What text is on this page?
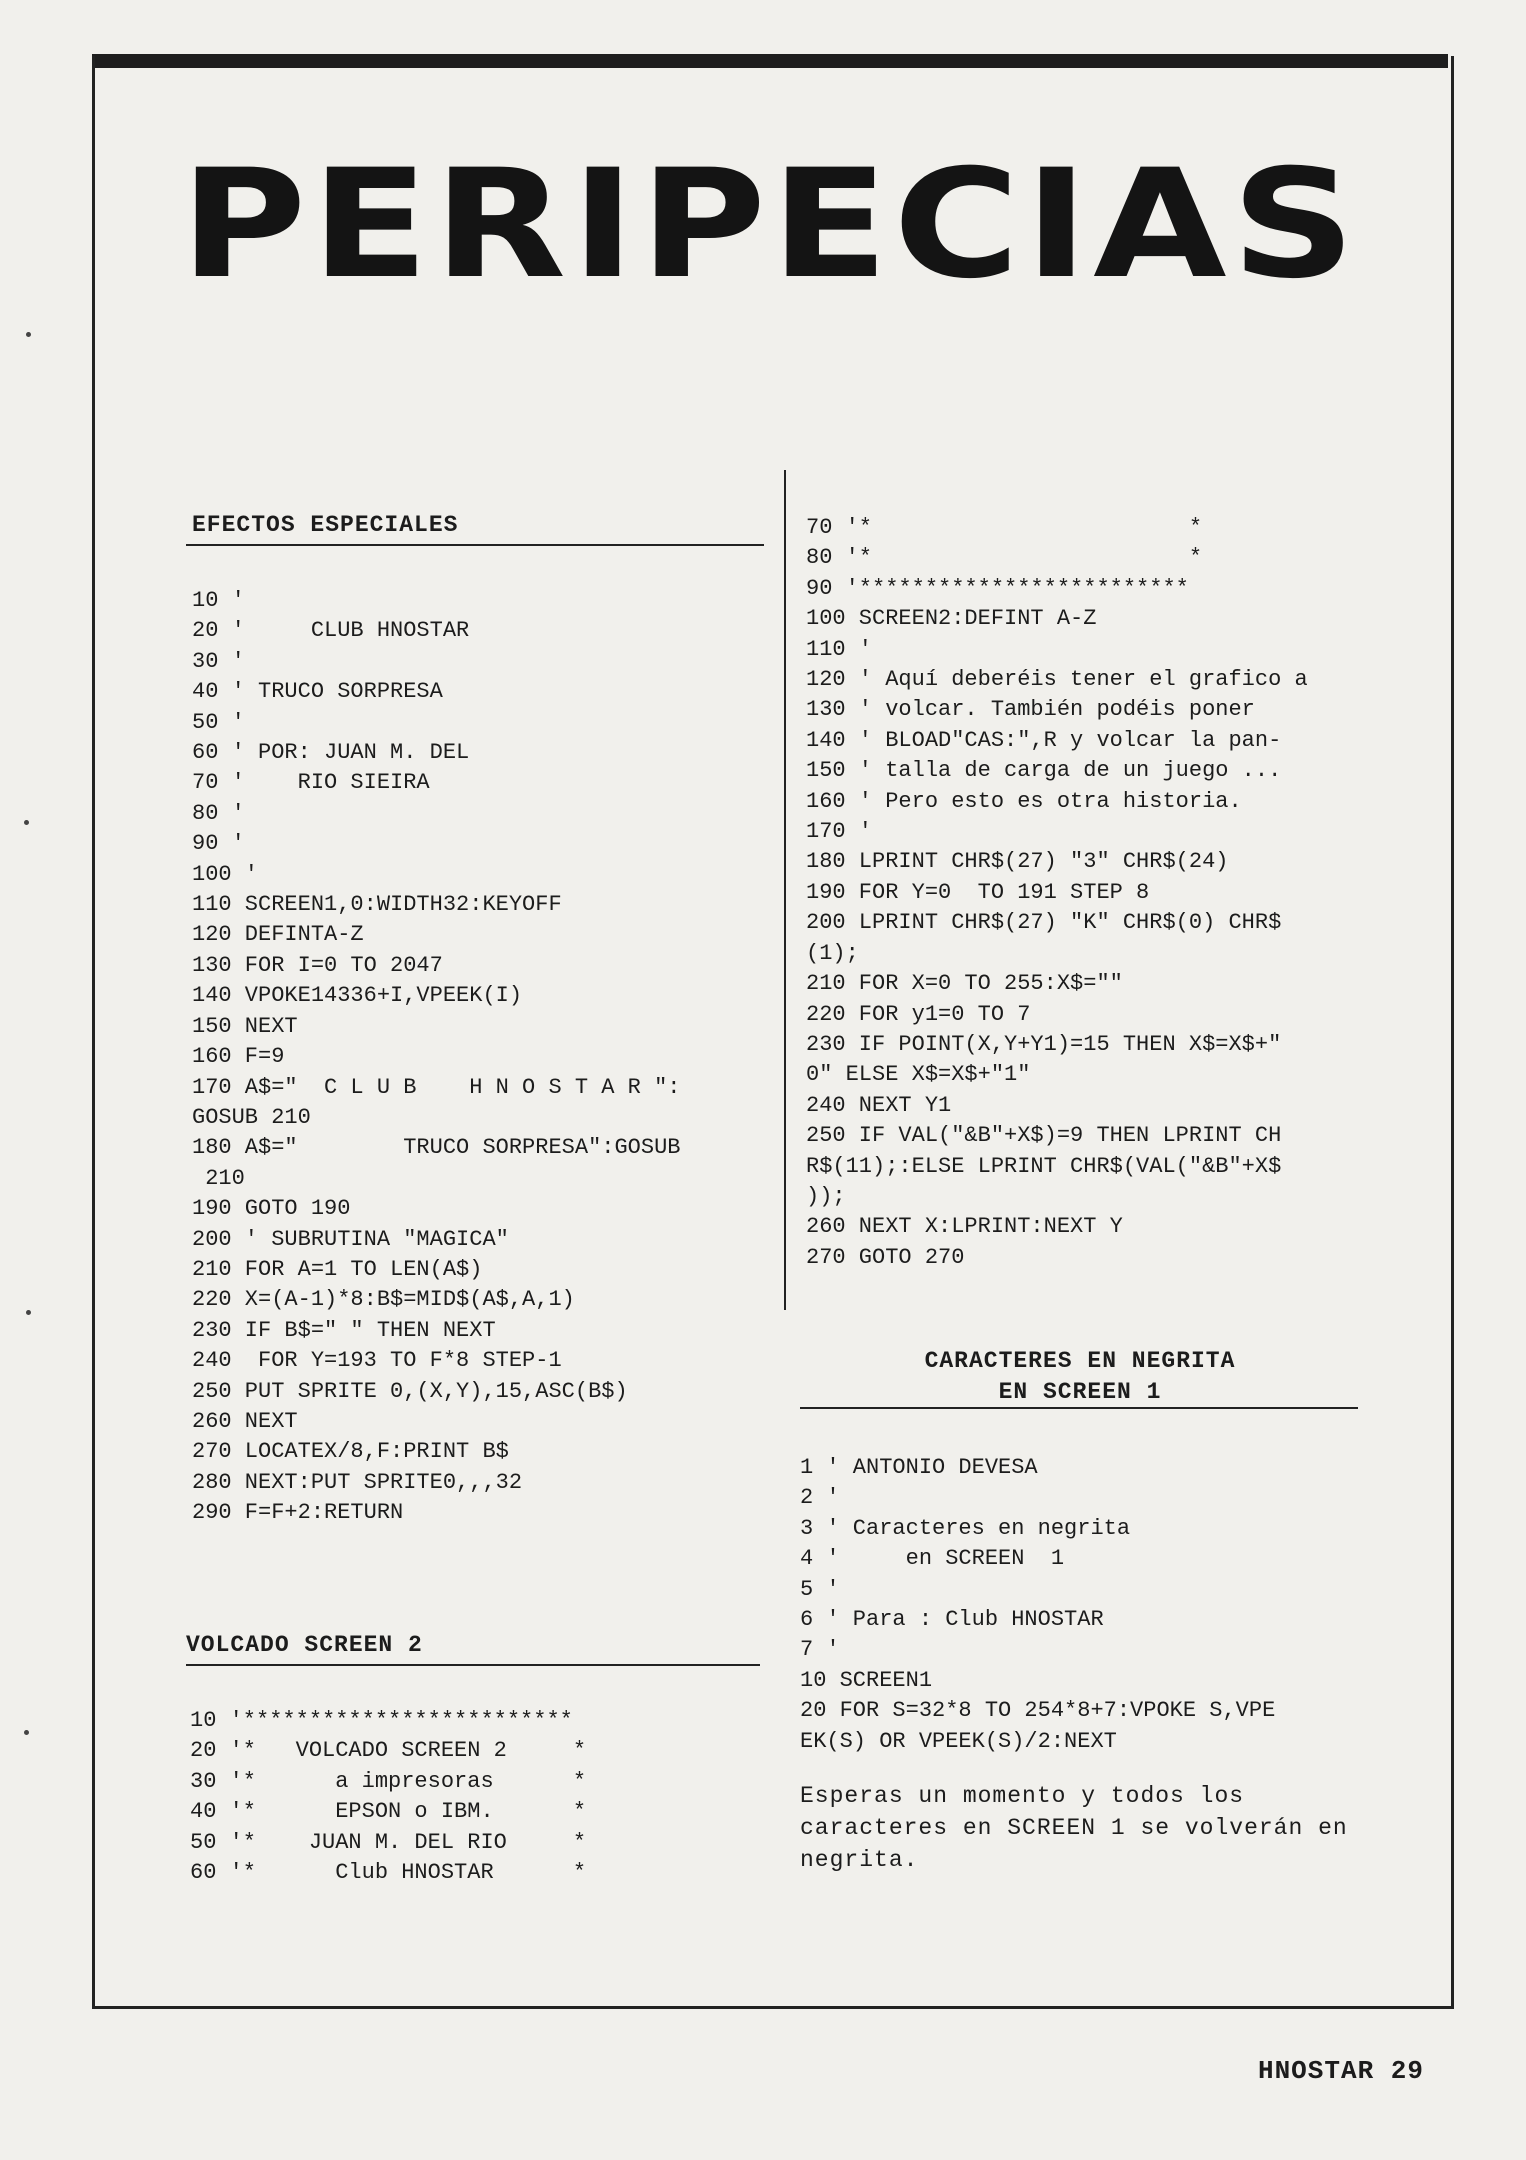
PERIPECIAS
EFECTOS ESPECIALES
10 '
20 '     CLUB HNOSTAR
30 '
40 ' TRUCO SORPRESA
50 '
60 ' POR: JUAN M. DEL
70 '    RIO SIEIRA
80 '
90 '
100 '
110 SCREEN1,0:WIDTH32:KEYOFF
120 DEFINTA-Z
130 FOR I=0 TO 2047
140 VPOKE14336+I,VPEEK(I)
150 NEXT
160 F=9
170 A$="  C L U B    H N O S T A R ":
GOSUB 210
180 A$="        TRUCO SORPRESA":GOSUB
210
190 GOTO 190
200 ' SUBRUTINA "MAGICA"
210 FOR A=1 TO LEN(A$)
220 X=(A-1)*8:B$=MID$(A$,A,1)
230 IF B$=" " THEN NEXT
240  FOR Y=193 TO F*8 STEP-1
250 PUT SPRITE 0,(X,Y),15,ASC(B$)
260 NEXT
270 LOCATEX/8,F:PRINT B$
280 NEXT:PUT SPRITE0,,,32
290 F=F+2:RETURN
VOLCADO SCREEN 2
10 '*************************
20 '*   VOLCADO SCREEN 2     *
30 '*      a impresoras      *
40 '*      EPSON o IBM.      *
50 '*    JUAN M. DEL RIO     *
60 '*      Club HNOSTAR      *
70 '*                        *
80 '*                        *
90 '*************************
100 SCREEN2:DEFINT A-Z
110 '
120 ' Aquí deberéis tener el grafico a
130 ' volcar. También podéis poner
140 ' BLOAD"CAS:",R y volcar la pan-
150 ' talla de carga de un juego ...
160 ' Pero esto es otra historia.
170 '
180 LPRINT CHR$(27) "3" CHR$(24)
190 FOR Y=0  TO 191 STEP 8
200 LPRINT CHR$(27) "K" CHR$(0) CHR$
(1);
210 FOR X=0 TO 255:X$=""
220 FOR y1=0 TO 7
230 IF POINT(X,Y+Y1)=15 THEN X$=X$+"
0" ELSE X$=X$+"1"
240 NEXT Y1
250 IF VAL("&B"+X$)=9 THEN LPRINT CH
R$(11);:ELSE LPRINT CHR$(VAL("&B"+X$
));
260 NEXT X:LPRINT:NEXT Y
270 GOTO 270
CARACTERES EN NEGRITA
EN SCREEN 1
1 ' ANTONIO DEVESA
2 '
3 ' Caracteres en negrita
4 '     en SCREEN  1
5 '
6 ' Para : Club HNOSTAR
7 '
10 SCREEN1
20 FOR S=32*8 TO 254*8+7:VPOKE S,VPE
EK(S) OR VPEEK(S)/2:NEXT

Esperas un momento y todos los caracteres en SCREEN 1 se volverán en negrita.

HNOSTAR 29
